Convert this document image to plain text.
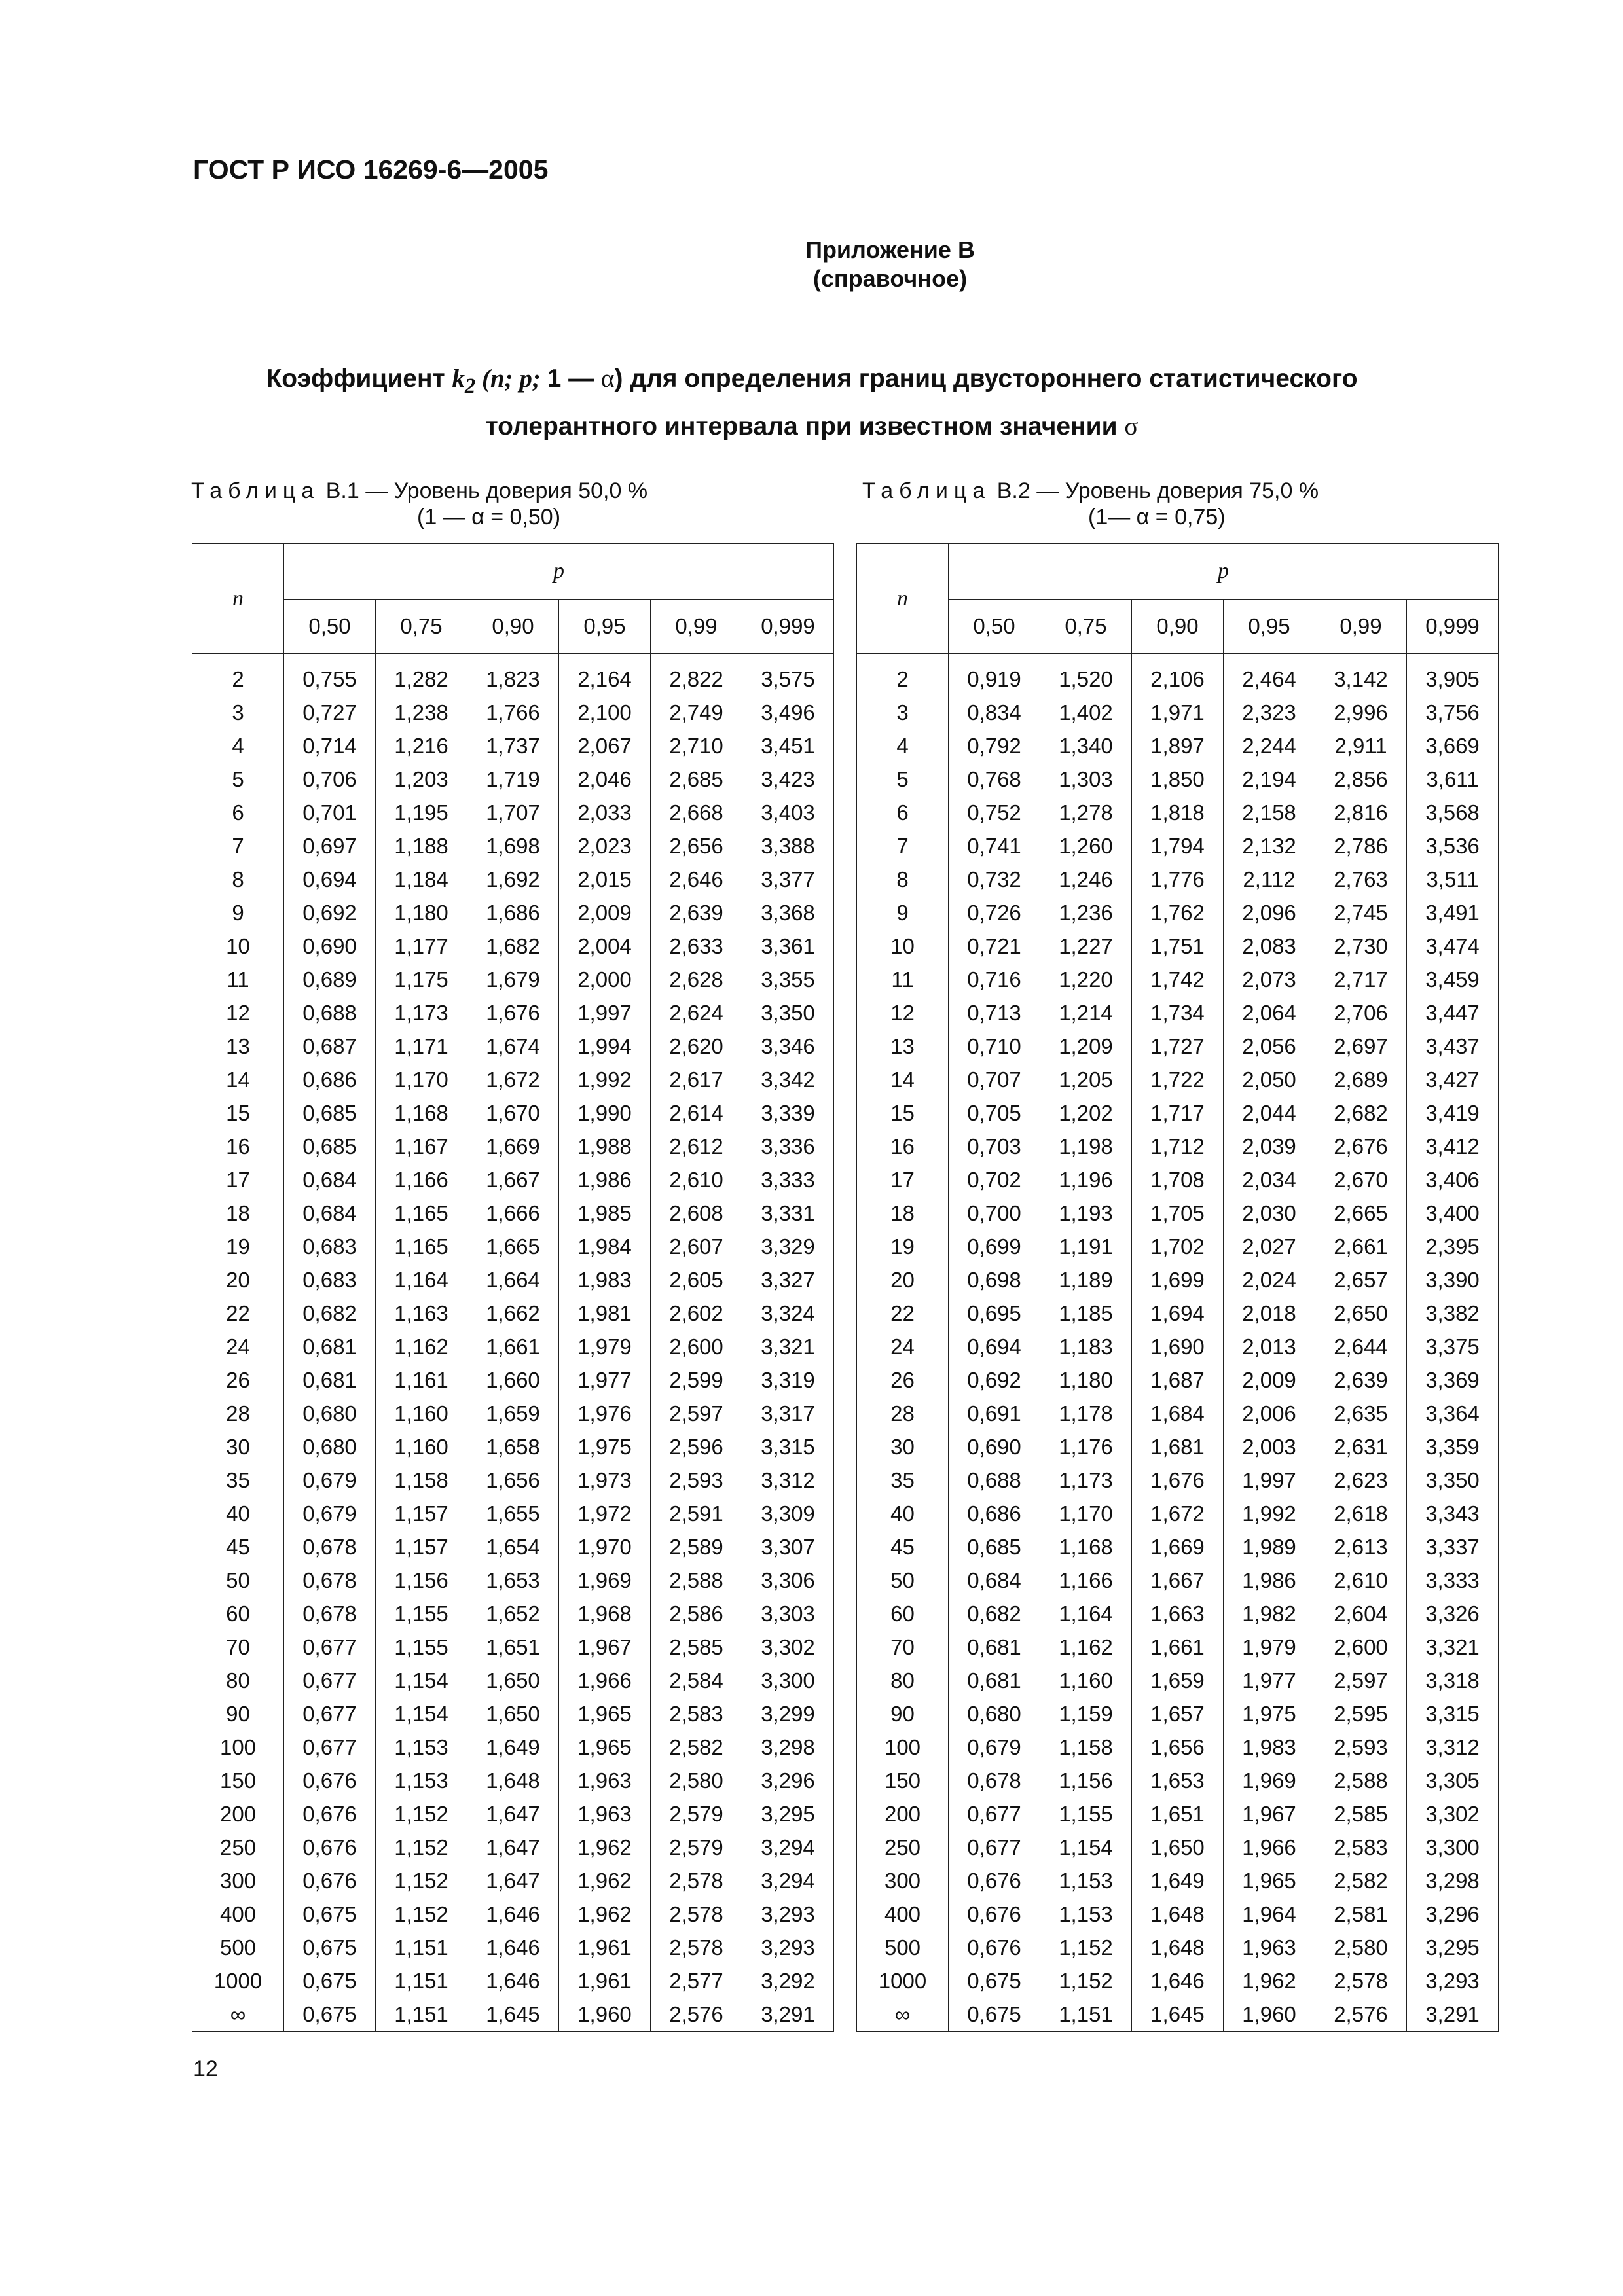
ГОСТ Р ИСО 16269-6—2005
Приложение В
(справочное)
Коэффициент $k_2$ (n; p; 1 — α) для определения границ двустороннего статистического
толерантного интервала при известном значении σ
Таблица В.1 — Уровень доверия 50,0 %
(1 — α = 0,50)
Таблица В.2 — Уровень доверия 75,0 %
(1— α = 0,75)
n	p					
	0,50	0,75	0,90	0,95	0,99	0,999

2	0,755	1,282	1,823	2,164	2,822	3,575
3	0,727	1,238	1,766	2,100	2,749	3,496
4	0,714	1,216	1,737	2,067	2,710	3,451
5	0,706	1,203	1,719	2,046	2,685	3,423
6	0,701	1,195	1,707	2,033	2,668	3,403
7	0,697	1,188	1,698	2,023	2,656	3,388
8	0,694	1,184	1,692	2,015	2,646	3,377
9	0,692	1,180	1,686	2,009	2,639	3,368
10	0,690	1,177	1,682	2,004	2,633	3,361
11	0,689	1,175	1,679	2,000	2,628	3,355
12	0,688	1,173	1,676	1,997	2,624	3,350
13	0,687	1,171	1,674	1,994	2,620	3,346
14	0,686	1,170	1,672	1,992	2,617	3,342
15	0,685	1,168	1,670	1,990	2,614	3,339
16	0,685	1,167	1,669	1,988	2,612	3,336
17	0,684	1,166	1,667	1,986	2,610	3,333
18	0,684	1,165	1,666	1,985	2,608	3,331
19	0,683	1,165	1,665	1,984	2,607	3,329
20	0,683	1,164	1,664	1,983	2,605	3,327
22	0,682	1,163	1,662	1,981	2,602	3,324
24	0,681	1,162	1,661	1,979	2,600	3,321
26	0,681	1,161	1,660	1,977	2,599	3,319
28	0,680	1,160	1,659	1,976	2,597	3,317
30	0,680	1,160	1,658	1,975	2,596	3,315
35	0,679	1,158	1,656	1,973	2,593	3,312
40	0,679	1,157	1,655	1,972	2,591	3,309
45	0,678	1,157	1,654	1,970	2,589	3,307
50	0,678	1,156	1,653	1,969	2,588	3,306
60	0,678	1,155	1,652	1,968	2,586	3,303
70	0,677	1,155	1,651	1,967	2,585	3,302
80	0,677	1,154	1,650	1,966	2,584	3,300
90	0,677	1,154	1,650	1,965	2,583	3,299
100	0,677	1,153	1,649	1,965	2,582	3,298
150	0,676	1,153	1,648	1,963	2,580	3,296
200	0,676	1,152	1,647	1,963	2,579	3,295
250	0,676	1,152	1,647	1,962	2,579	3,294
300	0,676	1,152	1,647	1,962	2,578	3,294
400	0,675	1,152	1,646	1,962	2,578	3,293
500	0,675	1,151	1,646	1,961	2,578	3,293
1000	0,675	1,151	1,646	1,961	2,577	3,292
∞	0,675	1,151	1,645	1,960	2,576	3,291
n	p					
	0,50	0,75	0,90	0,95	0,99	0,999

2	0,919	1,520	2,106	2,464	3,142	3,905
3	0,834	1,402	1,971	2,323	2,996	3,756
4	0,792	1,340	1,897	2,244	2,911	3,669
5	0,768	1,303	1,850	2,194	2,856	3,611
6	0,752	1,278	1,818	2,158	2,816	3,568
7	0,741	1,260	1,794	2,132	2,786	3,536
8	0,732	1,246	1,776	2,112	2,763	3,511
9	0,726	1,236	1,762	2,096	2,745	3,491
10	0,721	1,227	1,751	2,083	2,730	3,474
11	0,716	1,220	1,742	2,073	2,717	3,459
12	0,713	1,214	1,734	2,064	2,706	3,447
13	0,710	1,209	1,727	2,056	2,697	3,437
14	0,707	1,205	1,722	2,050	2,689	3,427
15	0,705	1,202	1,717	2,044	2,682	3,419
16	0,703	1,198	1,712	2,039	2,676	3,412
17	0,702	1,196	1,708	2,034	2,670	3,406
18	0,700	1,193	1,705	2,030	2,665	3,400
19	0,699	1,191	1,702	2,027	2,661	2,395
20	0,698	1,189	1,699	2,024	2,657	3,390
22	0,695	1,185	1,694	2,018	2,650	3,382
24	0,694	1,183	1,690	2,013	2,644	3,375
26	0,692	1,180	1,687	2,009	2,639	3,369
28	0,691	1,178	1,684	2,006	2,635	3,364
30	0,690	1,176	1,681	2,003	2,631	3,359
35	0,688	1,173	1,676	1,997	2,623	3,350
40	0,686	1,170	1,672	1,992	2,618	3,343
45	0,685	1,168	1,669	1,989	2,613	3,337
50	0,684	1,166	1,667	1,986	2,610	3,333
60	0,682	1,164	1,663	1,982	2,604	3,326
70	0,681	1,162	1,661	1,979	2,600	3,321
80	0,681	1,160	1,659	1,977	2,597	3,318
90	0,680	1,159	1,657	1,975	2,595	3,315
100	0,679	1,158	1,656	1,983	2,593	3,312
150	0,678	1,156	1,653	1,969	2,588	3,305
200	0,677	1,155	1,651	1,967	2,585	3,302
250	0,677	1,154	1,650	1,966	2,583	3,300
300	0,676	1,153	1,649	1,965	2,582	3,298
400	0,676	1,153	1,648	1,964	2,581	3,296
500	0,676	1,152	1,648	1,963	2,580	3,295
1000	0,675	1,152	1,646	1,962	2,578	3,293
∞	0,675	1,151	1,645	1,960	2,576	3,291
12
